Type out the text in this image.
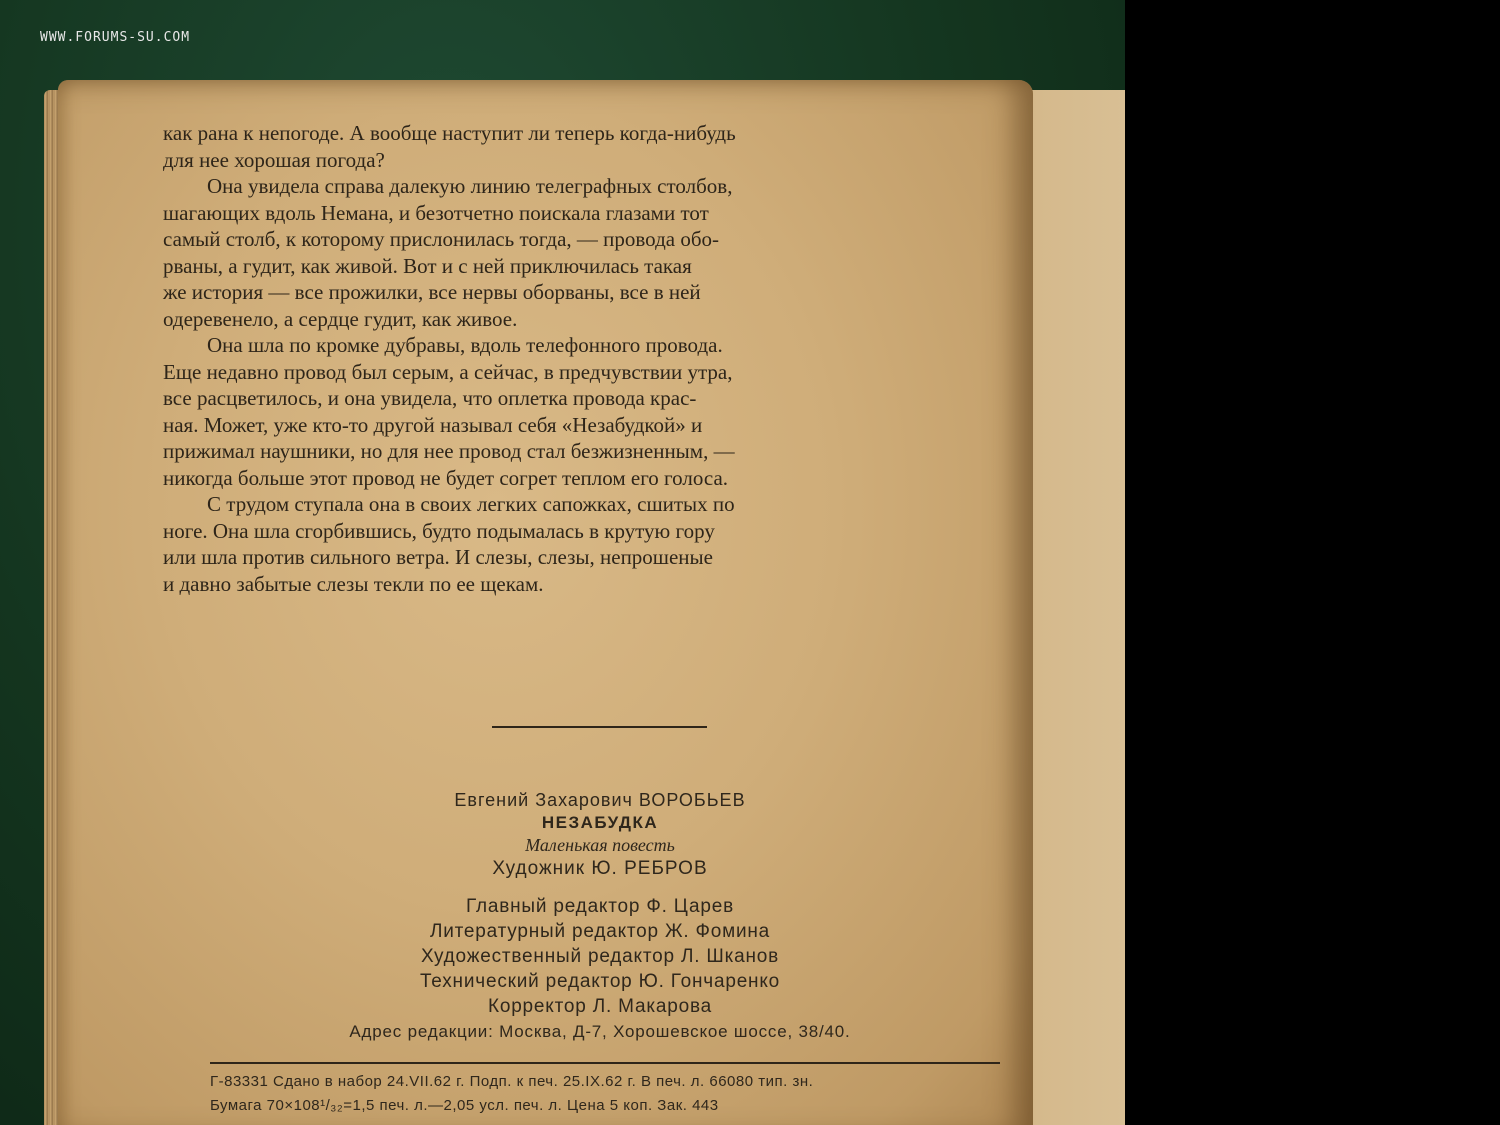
WWW.FORUMS-SU.COM
как рана к непогоде. А вообще наступит ли теперь когда-нибудь
для нее хорошая погода?
Она увидела справа далекую линию телеграфных столбов,
шагающих вдоль Немана, и безотчетно поискала глазами тот
самый столб, к которому прислонилась тогда, — провода обо-
рваны, а гудит, как живой. Вот и с ней приключилась такая
же история — все прожилки, все нервы оборваны, все в ней
одеревенело, а сердце гудит, как живое.
Она шла по кромке дубравы, вдоль телефонного провода.
Еще недавно провод был серым, а сейчас, в предчувствии утра,
все расцветилось, и она увидела, что оплетка провода крас-
ная. Может, уже кто-то другой называл себя «Незабудкой» и
прижимал наушники, но для нее провод стал безжизненным, —
никогда больше этот провод не будет согрет теплом его голоса.
С трудом ступала она в своих легких сапожках, сшитых по
ноге. Она шла сгорбившись, будто подымалась в крутую гору
или шла против сильного ветра. И слезы, слезы, непрошеные
и давно забытые слезы текли по ее щекам.
Евгений Захарович ВОРОБЬЕВ
НЕЗАБУДКА
Маленькая повесть
Художник Ю. РЕБРОВ
Главный редактор Ф. Царев
Литературный редактор Ж. Фомина
Художественный редактор Л. Шканов
Технический редактор Ю. Гончаренко
Корректор Л. Макарова
Адрес редакции: Москва, Д-7, Хорошевское шоссе, 38/40.
Г-83331 Сдано в набор 24.VII.62 г. Подп. к печ. 25.IX.62 г. В печ. л. 66080 тип. зн.
Бумага 70×108¹/₃₂=1,5 печ. л.—2,05 усл. печ. л. Цена 5 коп. Зак. 443
